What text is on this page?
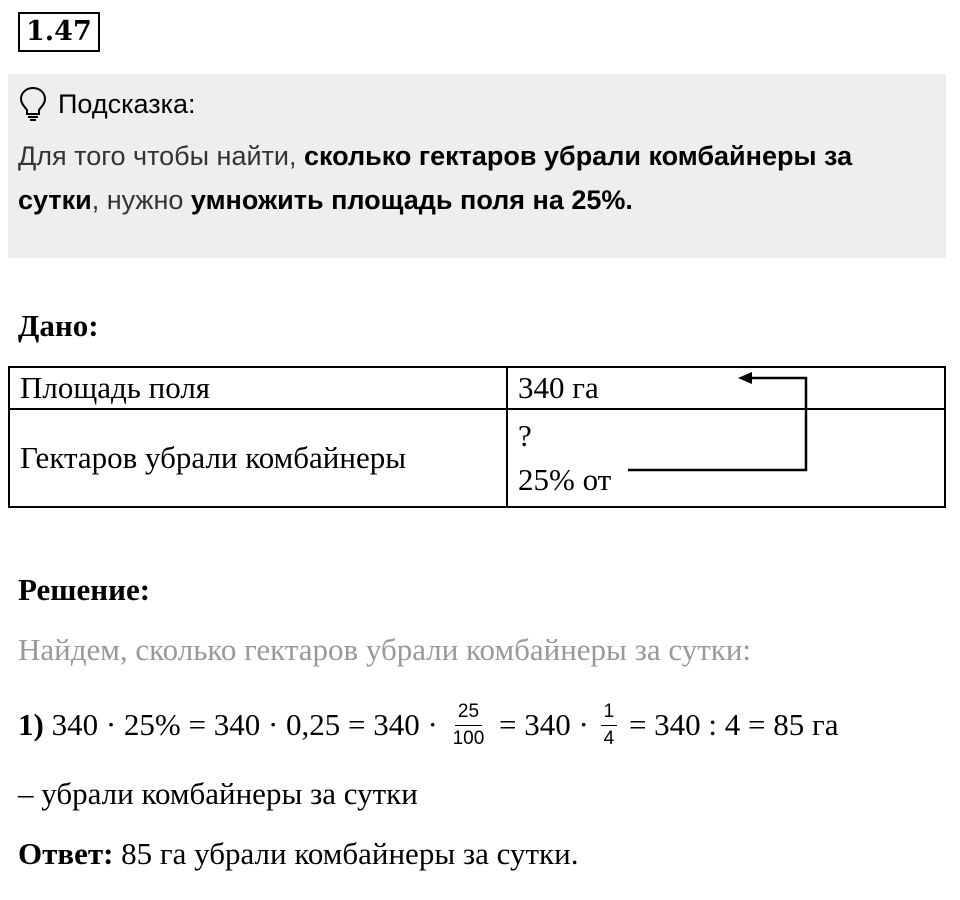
1.47
Подсказка:
Для того чтобы найти, сколько гектаров убрали комбайнеры за сутки, нужно умножить площадь поля на 25%.
Дано:
Площадь поля	340 га
Гектаров убрали комбайнеры	?
25% от
Решение:
Найдем, сколько гектаров убрали комбайнеры за сутки:
1) $340 \cdot 25\% = 340 \cdot 0,25 = 340 \cdot \frac{25}{100} = 340 \cdot \frac{1}{4} = 340$ : 4 = 85 га
– убрали комбайнеры за сутки
Ответ: 85 га убрали комбайнеры за сутки.
